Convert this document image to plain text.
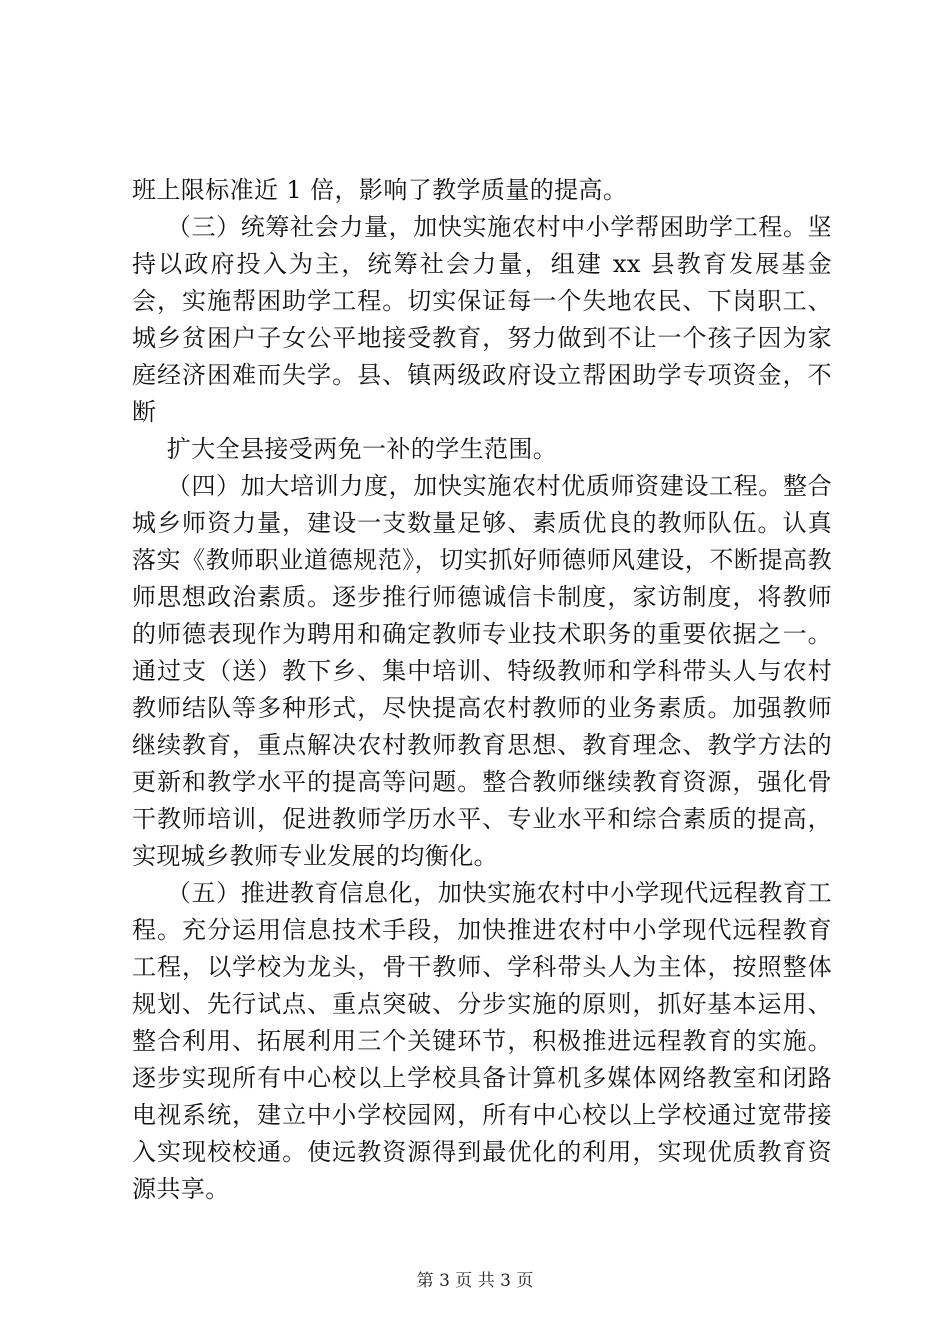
班上限标准近 1 倍，影响了教学质量的提高。

（三）统筹社会力量，加快实施农村中小学帮困助学工程。坚持以政府投入为主，统筹社会力量，组建 xx 县教育发展基金会，实施帮困助学工程。切实保证每一个失地农民、下岗职工、城乡贫困户子女公平地接受教育，努力做到不让一个孩子因为家庭经济困难而失学。县、镇两级政府设立帮困助学专项资金，不断

扩大全县接受两免一补的学生范围。

（四）加大培训力度，加快实施农村优质师资建设工程。整合城乡师资力量，建设一支数量足够、素质优良的教师队伍。认真落实《教师职业道德规范》，切实抓好师德师风建设，不断提高教师思想政治素质。逐步推行师德诚信卡制度，家访制度，将教师的师德表现作为聘用和确定教师专业技术职务的重要依据之一。通过支（送）教下乡、集中培训、特级教师和学科带头人与农村教师结队等多种形式，尽快提高农村教师的业务素质。加强教师继续教育，重点解决农村教师教育思想、教育理念、教学方法的更新和教学水平的提高等问题。整合教师继续教育资源，强化骨干教师培训，促进教师学历水平、专业水平和综合素质的提高，实现城乡教师专业发展的均衡化。

（五）推进教育信息化，加快实施农村中小学现代远程教育工程。充分运用信息技术手段，加快推进农村中小学现代远程教育工程，以学校为龙头，骨干教师、学科带头人为主体，按照整体规划、先行试点、重点突破、分步实施的原则，抓好基本运用、整合利用、拓展利用三个关键环节，积极推进远程教育的实施。逐步实现所有中心校以上学校具备计算机多媒体网络教室和闭路电视系统，建立中小学校园网，所有中心校以上学校通过宽带接入实现校校通。使远教资源得到最优化的利用，实现优质教育资源共享。

第 3 页 共 3 页
